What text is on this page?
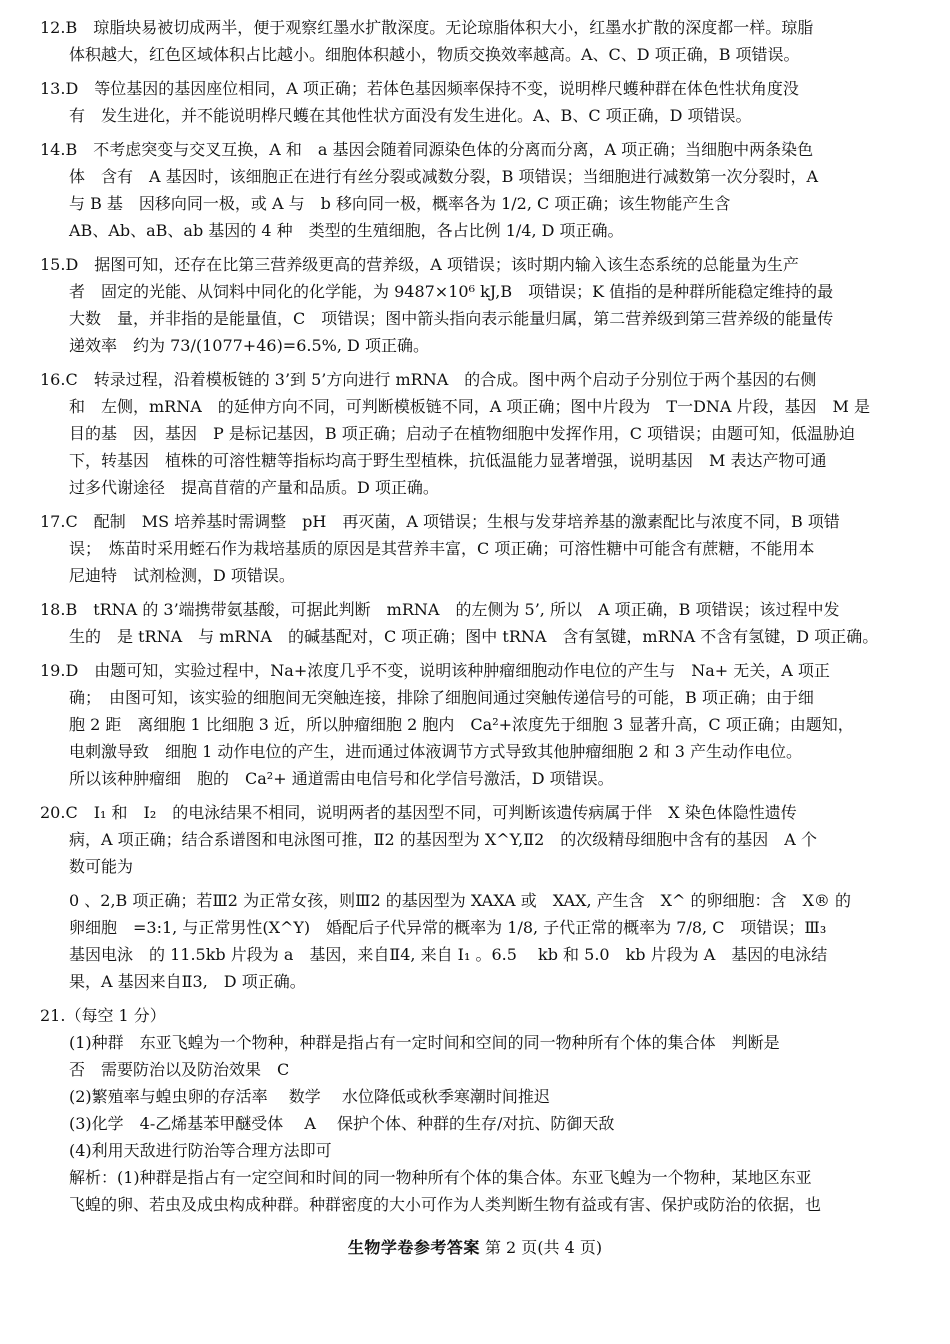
12.B　琼脂块易被切成两半，便于观察红墨水扩散深度。无论琼脂体积大小，红墨水扩散的深度都一样。琼脂
体积越大，红色区域体积占比越小。细胞体积越小，物质交换效率越高。A、C、D 项正确，B 项错误。
13.D　等位基因的基因座位相同，A 项正确；若体色基因频率保持不变，说明桦尺蠖种群在体色性状角度没
有　发生进化，并不能说明桦尺蠖在其他性状方面没有发生进化。A、B、C 项正确，D 项错误。
14.B　不考虑突变与交叉互换，A 和　a 基因会随着同源染色体的分离而分离，A 项正确；当细胞中两条染色
体　含有　A 基因时，该细胞正在进行有丝分裂或减数分裂，B 项错误；当细胞进行减数第一次分裂时，A
与 B 基　因移向同一极，或 A 与　b 移向同一极，概率各为 1/2, C 项正确；该生物能产生含
AB、Ab、aB、ab 基因的 4 种　类型的生殖细胞，各占比例 1/4, D 项正确。
15.D　据图可知，还存在比第三营养级更高的营养级，A 项错误；该时期内输入该生态系统的总能量为生产
者　固定的光能、从饲料中同化的化学能，为 9487×10⁶ kJ,B　项错误；K 值指的是种群所能稳定维持的最
大数　量，并非指的是能量值，C　项错误；图中箭头指向表示能量归属，第二营养级到第三营养级的能量传
递效率　约为 73/(1077+46)=6.5%, D 项正确。
16.C　转录过程，沿着模板链的 3’到 5’方向进行 mRNA　的合成。图中两个启动子分别位于两个基因的右侧
和　左侧，mRNA　的延伸方向不同，可判断模板链不同，A 项正确；图中片段为　T一DNA 片段，基因　M 是
目的基　因，基因　P 是标记基因，B 项正确；启动子在植物细胞中发挥作用，C 项错误；由题可知，低温胁迫
下，转基因　植株的可溶性糖等指标均高于野生型植株，抗低温能力显著增强，说明基因　M 表达产物可通
过多代谢途径　提高苜蓿的产量和品质。D 项正确。
17.C　配制　MS 培养基时需调整　pH　再灭菌，A 项错误；生根与发芽培养基的激素配比与浓度不同，B 项错
误；　炼苗时采用蛭石作为栽培基质的原因是其营养丰富，C 项正确；可溶性糖中可能含有蔗糖，不能用本
尼迪特　试剂检测，D 项错误。
18.B　tRNA 的 3’端携带氨基酸，可据此判断　mRNA　的左侧为 5’, 所以　A 项正确，B 项错误；该过程中发
生的　是 tRNA　与 mRNA　的碱基配对，C 项正确；图中 tRNA　含有氢键，mRNA 不含有氢键，D 项正确。
19.D　由题可知，实验过程中，Na+浓度几乎不变，说明该种肿瘤细胞动作电位的产生与　Na+ 无关，A 项正
确；　由图可知，该实验的细胞间无突触连接，排除了细胞间通过突触传递信号的可能，B 项正确；由于细
胞 2 距　离细胞 1 比细胞 3 近，所以肿瘤细胞 2 胞内　Ca²+浓度先于细胞 3 显著升高，C 项正确；由题知，
电刺激导致　细胞 1 动作电位的产生，进而通过体液调节方式导致其他肿瘤细胞 2 和 3 产生动作电位。
所以该种肿瘤细　胞的　Ca²+ 通道需由电信号和化学信号激活，D 项错误。
20.C　I₁ 和　I₂　的电泳结果不相同，说明两者的基因型不同，可判断该遗传病属于伴　X 染色体隐性遗传
病，A 项正确；结合系谱图和电泳图可推，Ⅱ2 的基因型为 X^Y,Ⅱ2　的次级精母细胞中含有的基因　A 个
数可能为
0 、2,B 项正确；若Ⅲ2 为正常女孩，则Ⅲ2 的基因型为 XAXA 或　XAX, 产生含　X^ 的卵细胞：含　X® 的
卵细胞　=3:1, 与正常男性(X^Y)　婚配后子代异常的概率为 1/8, 子代正常的概率为 7/8, C　项错误；Ⅲ₃
基因电泳　的 11.5kb 片段为 a　基因，来自Ⅱ4, 来自 I₁ 。6.5　 kb 和 5.0　kb 片段为 A　基因的电泳结
果，A 基因来自Ⅱ3,　D 项正确。
21.（每空 1 分）
(1)种群　东亚飞蝗为一个物种，种群是指占有一定时间和空间的同一物种所有个体的集合体　判断是
否　需要防治以及防治效果　C
(2)繁殖率与蝗虫卵的存活率　 数学　 水位降低或秋季寒潮时间推迟
(3)化学　4-乙烯基苯甲醚受体　 A　 保护个体、种群的生存/对抗、防御天敌
(4)利用天敌进行防治等合理方法即可
解析：(1)种群是指占有一定空间和时间的同一物种所有个体的集合体。东亚飞蝗为一个物种，某地区东亚
飞蝗的卵、若虫及成虫构成种群。种群密度的大小可作为人类判断生物有益或有害、保护或防治的依据，也
生物学卷参考答案 第 2 页(共 4 页)
